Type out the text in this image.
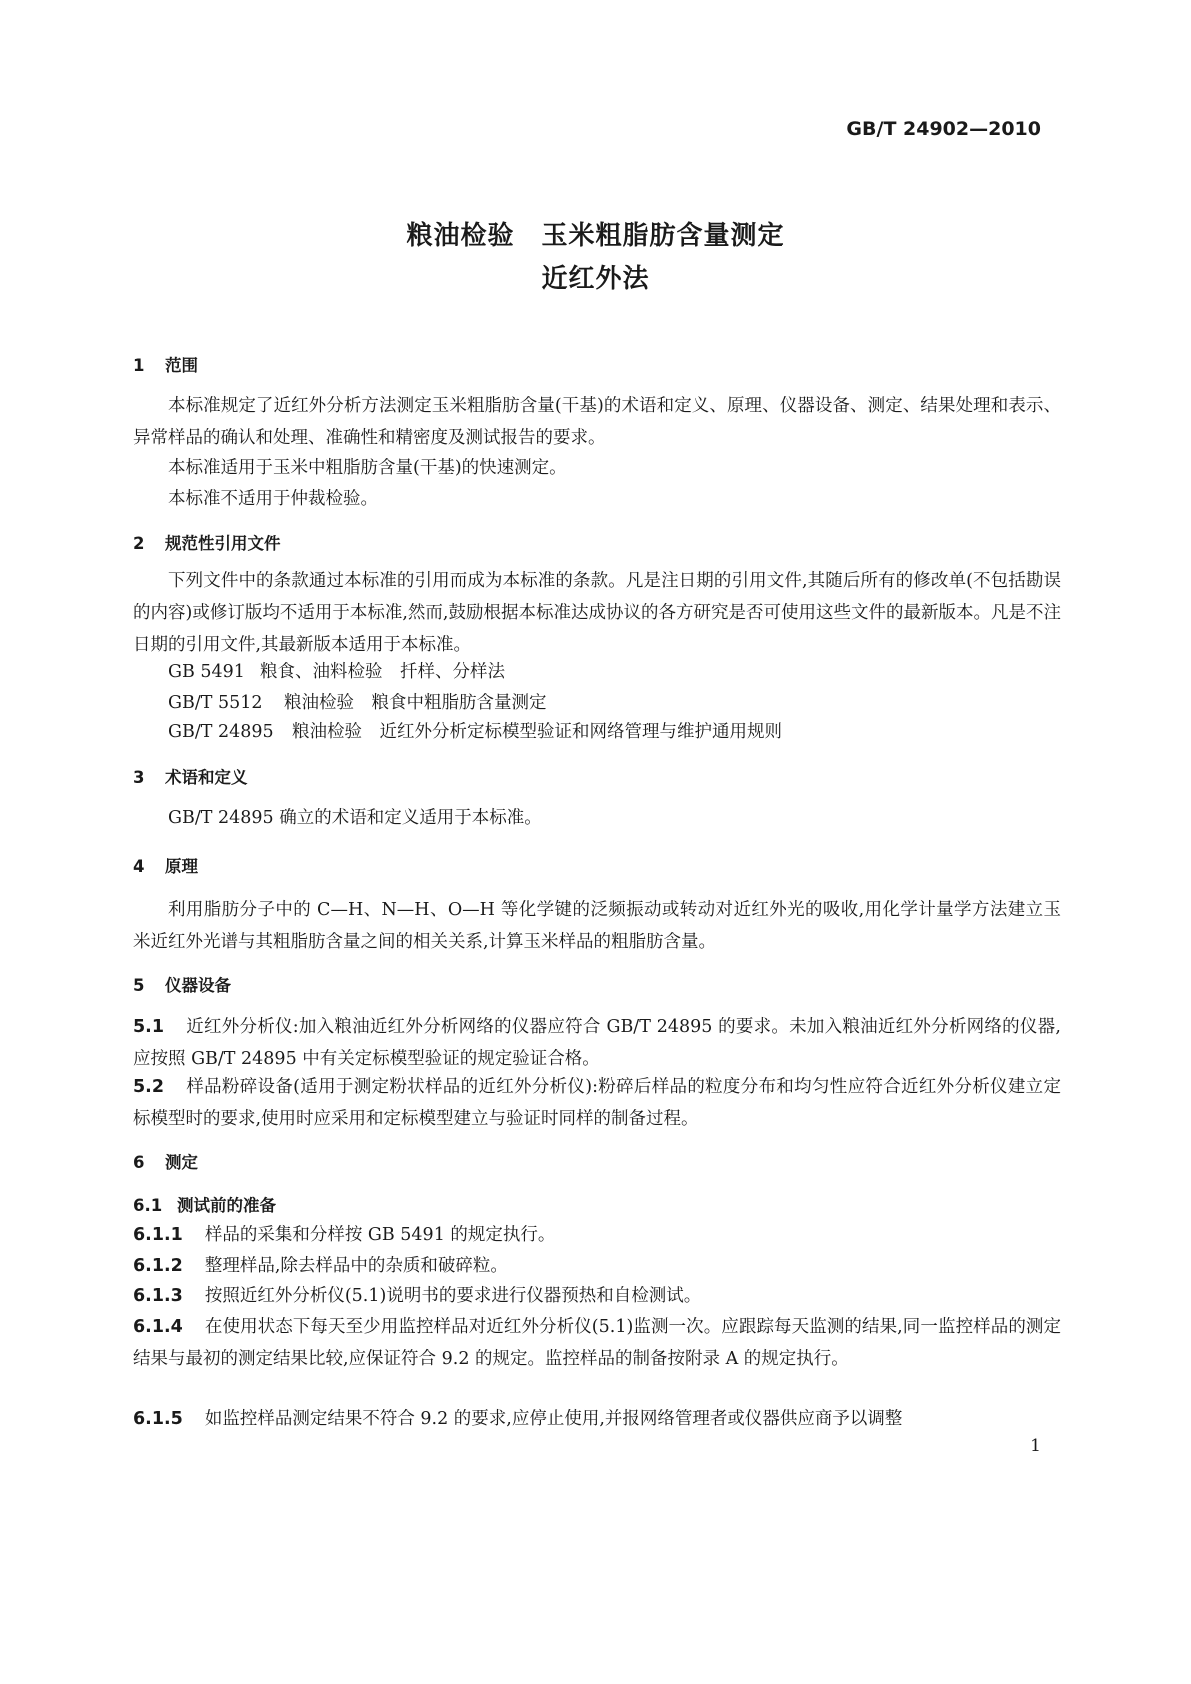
GB/T 24902—2010
粮油检验　玉米粗脂肪含量测定
近红外法
1 范围
本标准规定了近红外分析方法测定玉米粗脂肪含量(干基)的术语和定义、原理、仪器设备、测定、结果处理和表示、异常样品的确认和处理、准确性和精密度及测试报告的要求。
本标准适用于玉米中粗脂肪含量(干基)的快速测定。
本标准不适用于仲裁检验。
2 规范性引用文件
下列文件中的条款通过本标准的引用而成为本标准的条款。凡是注日期的引用文件,其随后所有的修改单(不包括勘误的内容)或修订版均不适用于本标准,然而,鼓励根据本标准达成协议的各方研究是否可使用这些文件的最新版本。凡是不注日期的引用文件,其最新版本适用于本标准。
GB 5491 粮食、油料检验　扦样、分样法
GB/T 5512 粮油检验　粮食中粗脂肪含量测定
GB/T 24895 粮油检验　近红外分析定标模型验证和网络管理与维护通用规则
3 术语和定义
GB/T 24895 确立的术语和定义适用于本标准。
4 原理
利用脂肪分子中的 C—H、N—H、O—H 等化学键的泛频振动或转动对近红外光的吸收,用化学计量学方法建立玉米近红外光谱与其粗脂肪含量之间的相关关系,计算玉米样品的粗脂肪含量。
5 仪器设备
5.1 近红外分析仪:加入粮油近红外分析网络的仪器应符合 GB/T 24895 的要求。未加入粮油近红外分析网络的仪器,应按照 GB/T 24895 中有关定标模型验证的规定验证合格。
5.2 样品粉碎设备(适用于测定粉状样品的近红外分析仪):粉碎后样品的粒度分布和均匀性应符合近红外分析仪建立定标模型时的要求,使用时应采用和定标模型建立与验证时同样的制备过程。
6 测定
6.1 测试前的准备
6.1.1 样品的采集和分样按 GB 5491 的规定执行。
6.1.2 整理样品,除去样品中的杂质和破碎粒。
6.1.3 按照近红外分析仪(5.1)说明书的要求进行仪器预热和自检测试。
6.1.4 在使用状态下每天至少用监控样品对近红外分析仪(5.1)监测一次。应跟踪每天监测的结果,同一监控样品的测定结果与最初的测定结果比较,应保证符合 9.2 的规定。监控样品的制备按附录 A 的规定执行。
6.1.5 如监控样品测定结果不符合 9.2 的要求,应停止使用,并报网络管理者或仪器供应商予以调整
1
